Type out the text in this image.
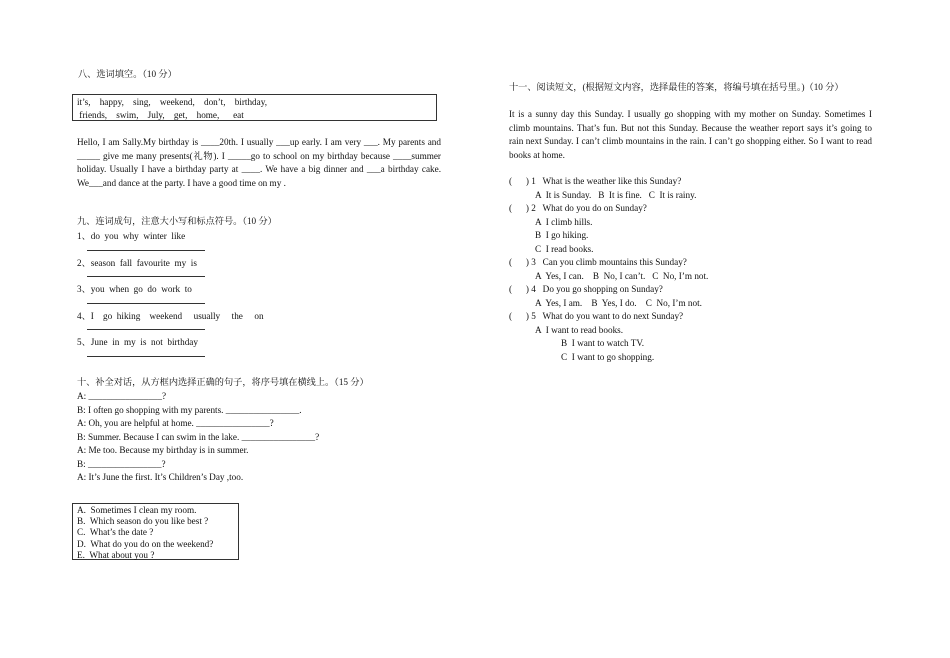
八、选词填空。（10 分）
it’s,    happy,    sing,    weekend,    don’t,    birthday,
friends,    swim,    July,    get,    home,      eat
Hello, I am Sally.My birthday is ____20th. I usually ___up early. I am very ___. My parents and _____ give me many presents(礼物). I _____go to school on my birthday because ____summer holiday. Usually I have a birthday party at ____. We have a big dinner and ___a birthday cake. We___and dance at the party. I have a good time on my .
九、连词成句，注意大小写和标点符号。（10 分）
1、do  you  why  winter  like
2、season  fall  favourite  my  is
3、you  when  go  do  work  to
4、I    go  hiking    weekend     usually     the     on
5、June  in  my  is  not  birthday
十、补全对话，从方框内选择正确的句子，将序号填在横线上。（15 分）
A: ________________?
B: I often go shopping with my parents. ________________.
A: Oh, you are helpful at home. ________________?
B: Summer. Because I can swim in the lake. ________________?
A: Me too. Because my birthday is in summer.
B: ________________?
A: It’s June the first. It’s Children’s Day ,too.
A.  Sometimes I clean my room.
B.  Which season do you like best ?
C.  What’s the date ?
D.  What do you do on the weekend?
E.  What about you ?
十一、阅读短文，(根据短文内容，选择最佳的答案，将编号填在括号里。)（10 分）
It is a sunny day this Sunday. I usually go shopping with my mother on Sunday. Sometimes I climb mountains. That’s fun. But not this Sunday. Because the weather report says it’s going to rain next Sunday. I can’t climb mountains in the rain. I can’t go shopping either. So I want to read books at home.
(      ) 1   What is the weather like this Sunday?
A  It is Sunday.   B  It is fine.   C  It is rainy.
(      ) 2   What do you do on Sunday?
A  I climb hills.
B  I go hiking.
C  I read books.
(      ) 3   Can you climb mountains this Sunday?
A  Yes, I can.    B  No, I can’t.   C  No, I’m not.
(      ) 4   Do you go shopping on Sunday?
A  Yes, I am.    B  Yes, I do.    C  No, I’m not.
(      ) 5   What do you want to do next Sunday?
A  I want to read books.
B  I want to watch TV.
C  I want to go shopping.
